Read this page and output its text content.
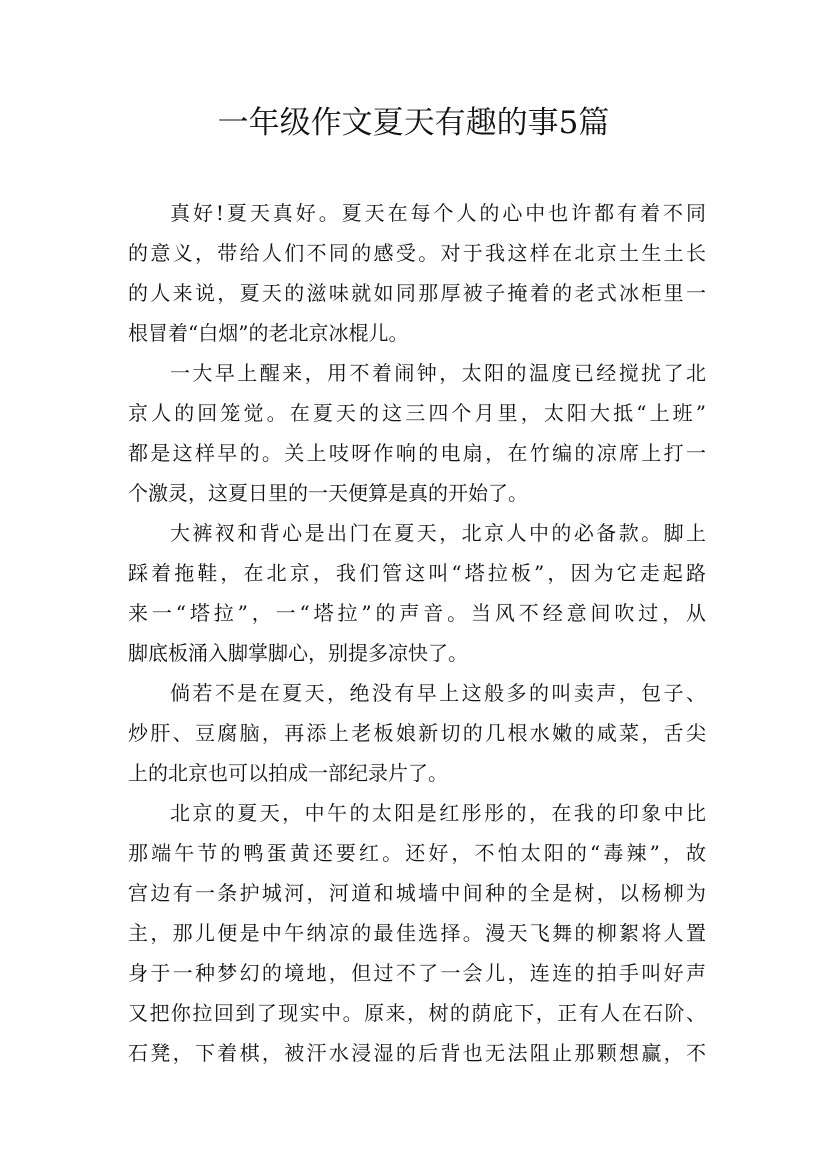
一年级作文夏天有趣的事5篇
真好!夏天真好。夏天在每个人的心中也许都有着不同
的意义，带给人们不同的感受。对于我这样在北京土生土长
的人来说，夏天的滋味就如同那厚被子掩着的老式冰柜里一
根冒着“白烟”的老北京冰棍儿。
一大早上醒来，用不着闹钟，太阳的温度已经搅扰了北
京人的回笼觉。在夏天的这三四个月里，太阳大抵“上班”
都是这样早的。关上吱呀作响的电扇，在竹编的凉席上打一
个激灵，这夏日里的一天便算是真的开始了。
大裤衩和背心是出门在夏天，北京人中的必备款。脚上
踩着拖鞋，在北京，我们管这叫“塔拉板”，因为它走起路
来一“塔拉”，一“塔拉”的声音。当风不经意间吹过，从
脚底板涌入脚掌脚心，别提多凉快了。
倘若不是在夏天，绝没有早上这般多的叫卖声，包子、
炒肝、豆腐脑，再添上老板娘新切的几根水嫩的咸菜，舌尖
上的北京也可以拍成一部纪录片了。
北京的夏天，中午的太阳是红彤彤的，在我的印象中比
那端午节的鸭蛋黄还要红。还好，不怕太阳的“毒辣”，故
宫边有一条护城河，河道和城墙中间种的全是树，以杨柳为
主，那儿便是中午纳凉的最佳选择。漫天飞舞的柳絮将人置
身于一种梦幻的境地，但过不了一会儿，连连的拍手叫好声
又把你拉回到了现实中。原来，树的荫庇下，正有人在石阶、
石凳，下着棋，被汗水浸湿的后背也无法阻止那颗想赢，不
